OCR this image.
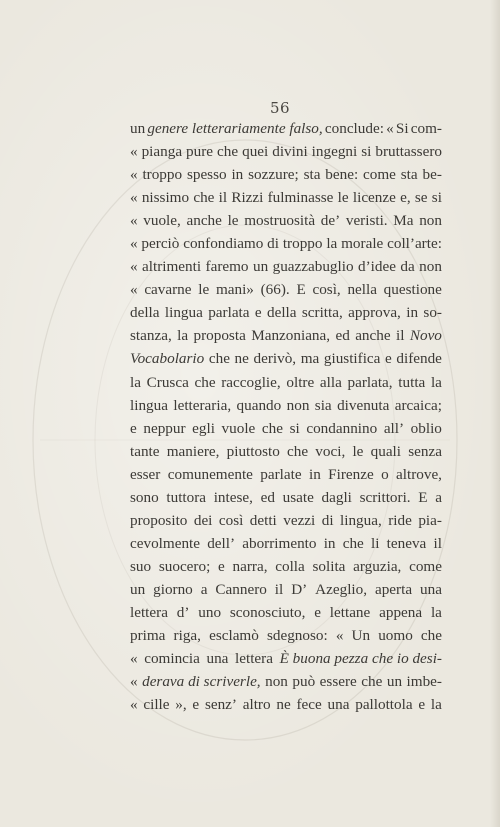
56
un genere letterariamente falso, conclude: « Si com-
« pianga pure che quei divini ingegni si bruttassero
« troppo spesso in sozzure; sta bene: come sta be-
« nissimo che il Rizzi fulminasse le licenze e, se si
« vuole, anche le mostruosità de’ veristi. Ma non
« perciò confondiamo di troppo la morale coll’arte:
« altrimenti faremo un guazzabuglio d’idee da non
« cavarne le mani» (66). E così, nella questione
della lingua parlata e della scritta, approva, in so-
stanza, la proposta Manzoniana, ed anche il Novo
Vocabolario che ne derivò, ma giustifica e difende
la Crusca che raccoglie, oltre alla parlata, tutta la
lingua letteraria, quando non sia divenuta arcaica;
e neppur egli vuole che si condannino all’ oblio
tante maniere, piuttosto che voci, le quali senza
esser comunemente parlate in Firenze o altrove,
sono tuttora intese, ed usate dagli scrittori. E a
proposito dei così detti vezzi di lingua, ride pia-
cevolmente dell’ aborrimento in che li teneva il
suo suocero; e narra, colla solita arguzia, come
un giorno a Cannero il D’ Azeglio, aperta una
lettera d’ uno sconosciuto, e lettane appena la
prima riga, esclamò sdegnoso: « Un uomo che
« comincia una lettera È buona pezza che io desi-
« derava di scriverle, non può essere che un imbe-
« cille », e senz’ altro ne fece una pallottola e la
